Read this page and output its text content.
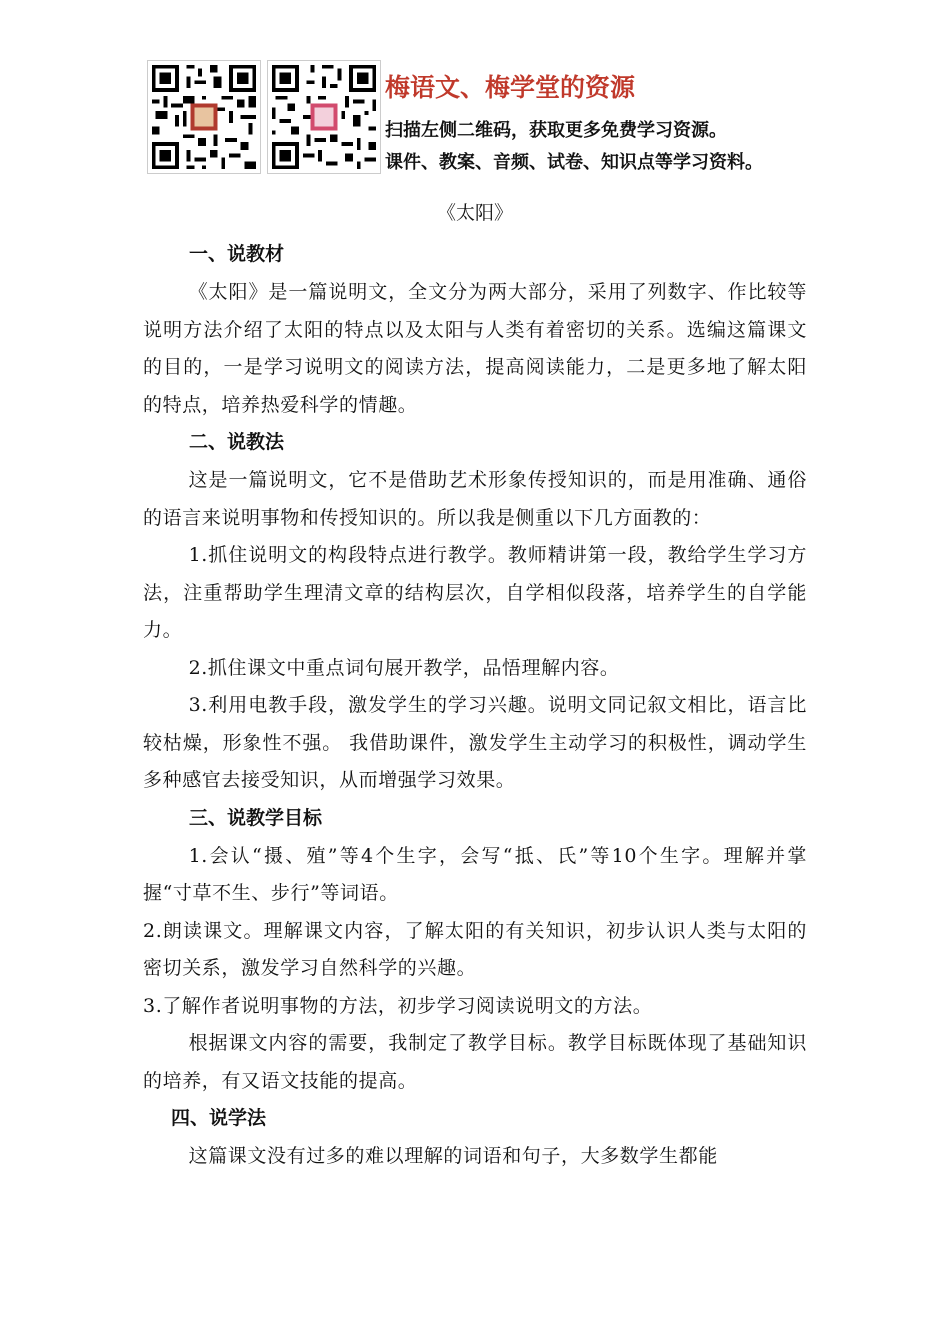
梅语文、梅学堂的资源
扫描左侧二维码，获取更多免费学习资源。
课件、教案、音频、试卷、知识点等学习资料。
《太阳》
一、说教材

《太阳》是一篇说明文，全文分为两大部分，采用了列数字、作比较等说明方法介绍了太阳的特点以及太阳与人类有着密切的关系。选编这篇课文的目的，一是学习说明文的阅读方法，提高阅读能力，二是更多地了解太阳的特点，培养热爱科学的情趣。

二、说教法

这是一篇说明文，它不是借助艺术形象传授知识的，而是用准确、通俗的语言来说明事物和传授知识的。所以我是侧重以下几方面教的：

1.抓住说明文的构段特点进行教学。教师精讲第一段，教给学生学习方法，注重帮助学生理清文章的结构层次，自学相似段落，培养学生的自学能力。

2.抓住课文中重点词句展开教学，品悟理解内容。

3.利用电教手段，激发学生的学习兴趣。说明文同记叙文相比，语言比较枯燥，形象性不强。 我借助课件，激发学生主动学习的积极性，调动学生多种感官去接受知识，从而增强学习效果。

三、说教学目标

1.会认“摄、殖”等4个生字，会写“抵、氏”等10个生字。理解并掌握“寸草不生、步行”等词语。

2.朗读课文。理解课文内容，了解太阳的有关知识，初步认识人类与太阳的密切关系，激发学习自然科学的兴趣。

3.了解作者说明事物的方法，初步学习阅读说明文的方法。

根据课文内容的需要，我制定了教学目标。教学目标既体现了基础知识的培养，有又语文技能的提高。

四、说学法

这篇课文没有过多的难以理解的词语和句子，大多数学生都能
